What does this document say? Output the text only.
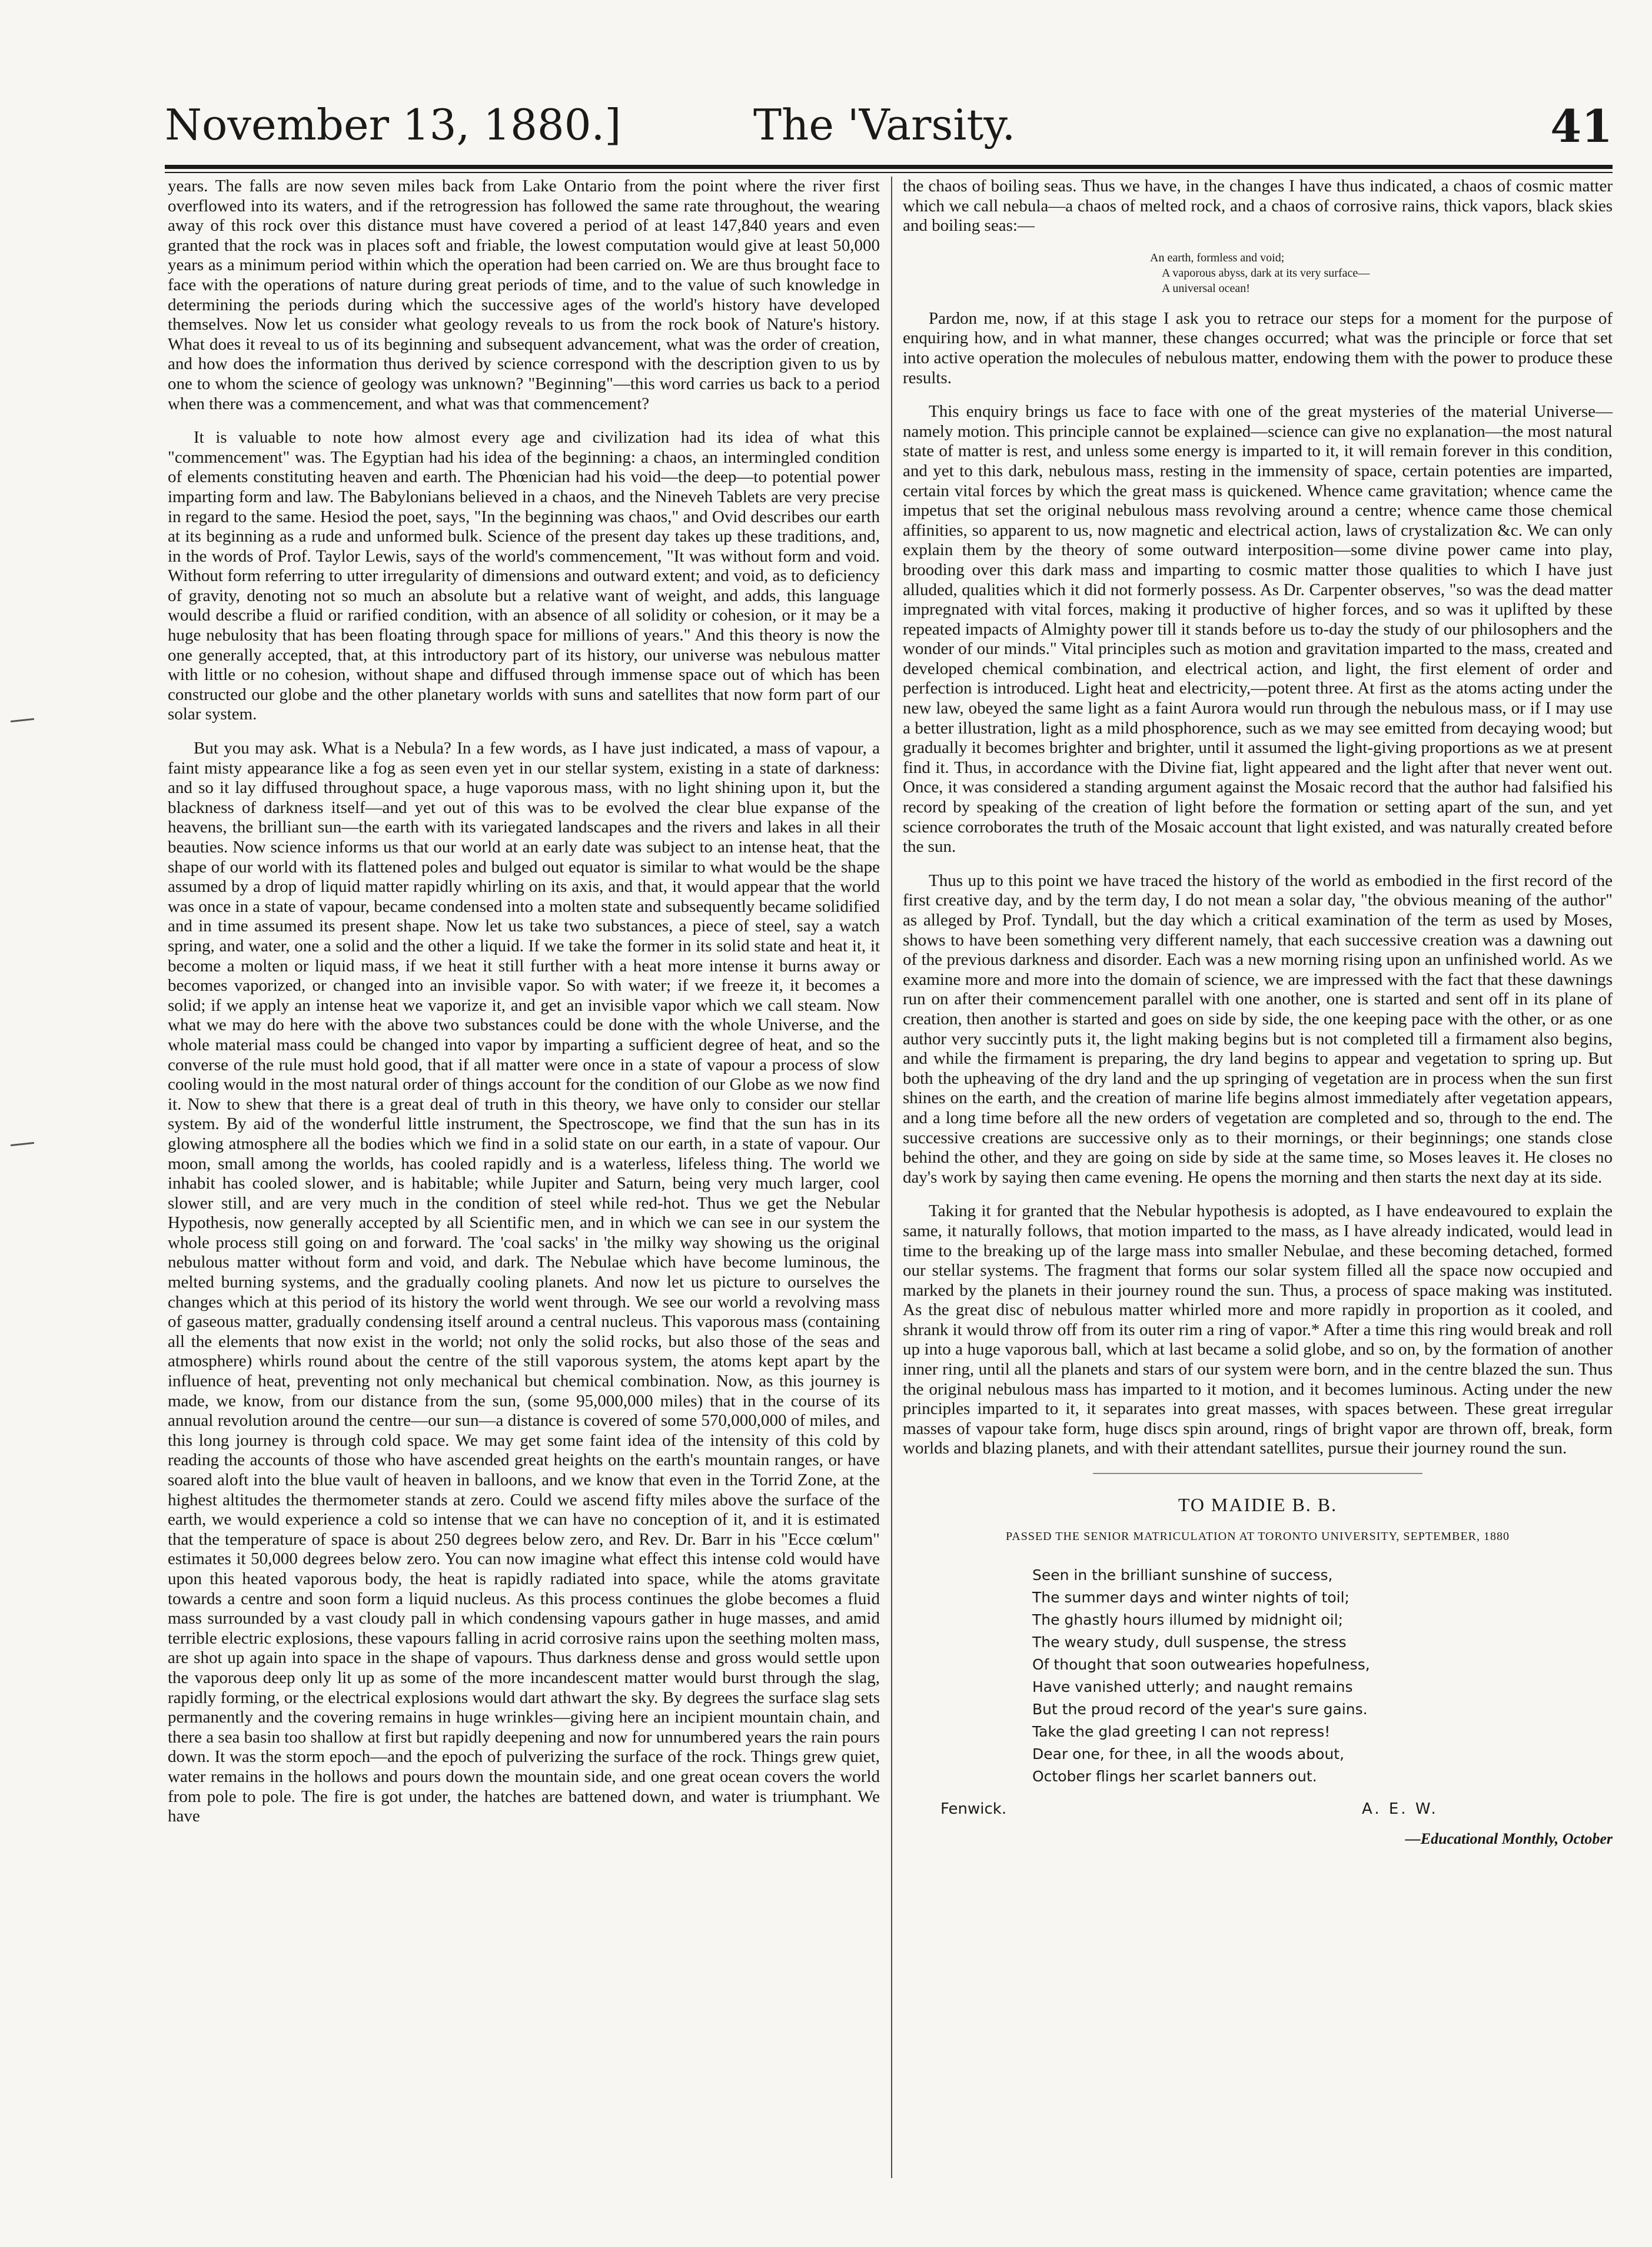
November 13, 1880.]	The 'Varsity.	41

years. The falls are now seven miles back from Lake Ontario from the point where the river first overflowed into its waters, and if the retrogression has followed the same rate throughout, the wearing away of this rock over this distance must have covered a period of at least 147,840 years and even granted that the rock was in places soft and friable, the lowest computation would give at least 50,000 years as a minimum period within which the operation had been carried on. We are thus brought face to face with the operations of nature during great periods of time, and to the value of such knowledge in determining the periods during which the successive ages of the world's history have developed themselves. Now let us consider what geology reveals to us from the rock book of Nature's history. What does it reveal to us of its beginning and subsequent advancement, what was the order of creation, and how does the information thus derived by science correspond with the description given to us by one to whom the science of geology was unknown? "Beginning"—this word carries us back to a period when there was a commencement, and what was that commencement?

It is valuable to note how almost every age and civilization had its idea of what this "commencement" was. The Egyptian had his idea of the beginning: a chaos, an intermingled condition of elements constituting heaven and earth. The Phœnician had his void—the deep—to potential power imparting form and law. The Babylonians believed in a chaos, and the Nineveh Tablets are very precise in regard to the same. Hesiod the poet, says, "In the beginning was chaos," and Ovid describes our earth at its beginning as a rude and unformed bulk. Science of the present day takes up these traditions, and, in the words of Prof. Taylor Lewis, says of the world's commencement, "It was without form and void. Without form referring to utter irregularity of dimensions and outward extent; and void, as to deficiency of gravity, denoting not so much an absolute but a relative want of weight, and adds, this language would describe a fluid or rarified condition, with an absence of all solidity or cohesion, or it may be a huge nebulosity that has been floating through space for millions of years." And this theory is now the one generally accepted, that, at this introductory part of its history, our universe was nebulous matter with little or no cohesion, without shape and diffused through immense space out of which has been constructed our globe and the other planetary worlds with suns and satellites that now form part of our solar system.

But you may ask. What is a Nebula? In a few words, as I have just indicated, a mass of vapour, a faint misty appearance like a fog as seen even yet in our stellar system, existing in a state of darkness: and so it lay diffused throughout space, a huge vaporous mass, with no light shining upon it, but the blackness of darkness itself—and yet out of this was to be evolved the clear blue expanse of the heavens, the brilliant sun—the earth with its variegated landscapes and the rivers and lakes in all their beauties. Now science informs us that our world at an early date was subject to an intense heat, that the shape of our world with its flattened poles and bulged out equator is similar to what would be the shape assumed by a drop of liquid matter rapidly whirling on its axis, and that, it would appear that the world was once in a state of vapour, became condensed into a molten state and subsequently became solidified and in time assumed its present shape. Now let us take two substances, a piece of steel, say a watch spring, and water, one a solid and the other a liquid. If we take the former in its solid state and heat it, it become a molten or liquid mass, if we heat it still further with a heat more intense it burns away or becomes vaporized, or changed into an invisible vapor. So with water; if we freeze it, it becomes a solid; if we apply an intense heat we vaporize it, and get an invisible vapor which we call steam. Now what we may do here with the above two substances could be done with the whole Universe, and the whole material mass could be changed into vapor by imparting a sufficient degree of heat, and so the converse of the rule must hold good, that if all matter were once in a state of vapour a process of slow cooling would in the most natural order of things account for the condition of our Globe as we now find it. Now to shew that there is a great deal of truth in this theory, we have only to consider our stellar system. By aid of the wonderful little instrument, the Spectroscope, we find that the sun has in its glowing atmosphere all the bodies which we find in a solid state on our earth, in a state of vapour. Our moon, small among the worlds, has cooled rapidly and is a waterless, lifeless thing. The world we inhabit has cooled slower, and is habitable; while Jupiter and Saturn, being very much larger, cool slower still, and are very much in the condition of steel while red-hot. Thus we get the Nebular Hypothesis, now generally accepted by all Scientific men, and in which we can see in our system the whole process still going on and forward. The 'coal sacks' in 'the milky way showing us the original nebulous matter without form and void, and dark. The Nebulae which have become luminous, the melted burning systems, and the gradually cooling planets. And now let us picture to ourselves the changes which at this period of its history the world went through. We see our world a revolving mass of gaseous matter, gradually condensing itself around a central nucleus. This vaporous mass (containing all the elements that now exist in the world; not only the solid rocks, but also those of the seas and atmosphere) whirls round about the centre of the still vaporous system, the atoms kept apart by the influence of heat, preventing not only mechanical but chemical combination. Now, as this journey is made, we know, from our distance from the sun, (some 95,000,000 miles) that in the course of its annual revolution around the centre—our sun—a distance is covered of some 570,000,000 of miles, and this long journey is through cold space. We may get some faint idea of the intensity of this cold by reading the accounts of those who have ascended great heights on the earth's mountain ranges, or have soared aloft into the blue vault of heaven in balloons, and we know that even in the Torrid Zone, at the highest altitudes the thermometer stands at zero. Could we ascend fifty miles above the surface of the earth, we would experience a cold so intense that we can have no conception of it, and it is estimated that the temperature of space is about 250 degrees below zero, and Rev. Dr. Barr in his "Ecce cœlum" estimates it 50,000 degrees below zero. You can now imagine what effect this intense cold would have upon this heated vaporous body, the heat is rapidly radiated into space, while the atoms gravitate towards a centre and soon form a liquid nucleus. As this process continues the globe becomes a fluid mass surrounded by a vast cloudy pall in which condensing vapours gather in huge masses, and amid terrible electric explosions, these vapours falling in acrid corrosive rains upon the seething molten mass, are shot up again into space in the shape of vapours. Thus darkness dense and gross would settle upon the vaporous deep only lit up as some of the more incandescent matter would burst through the slag, rapidly forming, or the electrical explosions would dart athwart the sky. By degrees the surface slag sets permanently and the covering remains in huge wrinkles—giving here an incipient mountain chain, and there a sea basin too shallow at first but rapidly deepening and now for unnumbered years the rain pours down. It was the storm epoch—and the epoch of pulverizing the surface of the rock. Things grew quiet, water remains in the hollows and pours down the mountain side, and one great ocean covers the world from pole to pole. The fire is got under, the hatches are battened down, and water is triumphant. We have

the chaos of boiling seas. Thus we have, in the changes I have thus indicated, a chaos of cosmic matter which we call nebula—a chaos of melted rock, and a chaos of corrosive rains, thick vapors, black skies and boiling seas:—

An earth, formless and void;
A vaporous abyss, dark at its very surface—
A universal ocean!

Pardon me, now, if at this stage I ask you to retrace our steps for a moment for the purpose of enquiring how, and in what manner, these changes occurred; what was the principle or force that set into active operation the molecules of nebulous matter, endowing them with the power to produce these results.

This enquiry brings us face to face with one of the great mysteries of the material Universe—namely motion. This principle cannot be explained—science can give no explanation—the most natural state of matter is rest, and unless some energy is imparted to it, it will remain forever in this condition, and yet to this dark, nebulous mass, resting in the immensity of space, certain potenties are imparted, certain vital forces by which the great mass is quickened. Whence came gravitation; whence came the impetus that set the original nebulous mass revolving around a centre; whence came those chemical affinities, so apparent to us, now magnetic and electrical action, laws of crystalization &c. We can only explain them by the theory of some outward interposition—some divine power came into play, brooding over this dark mass and imparting to cosmic matter those qualities to which I have just alluded, qualities which it did not formerly possess. As Dr. Carpenter observes, "so was the dead matter impregnated with vital forces, making it productive of higher forces, and so was it uplifted by these repeated impacts of Almighty power till it stands before us to-day the study of our philosophers and the wonder of our minds." Vital principles such as motion and gravitation imparted to the mass, created and developed chemical combination, and electrical action, and light, the first element of order and perfection is introduced. Light heat and electricity,—potent three. At first as the atoms acting under the new law, obeyed the same light as a faint Aurora would run through the nebulous mass, or if I may use a better illustration, light as a mild phosphorence, such as we may see emitted from decaying wood; but gradually it becomes brighter and brighter, until it assumed the light-giving proportions as we at present find it. Thus, in accordance with the Divine fiat, light appeared and the light after that never went out. Once, it was considered a standing argument against the Mosaic record that the author had falsified his record by speaking of the creation of light before the formation or setting apart of the sun, and yet science corroborates the truth of the Mosaic account that light existed, and was naturally created before the sun.

Thus up to this point we have traced the history of the world as embodied in the first record of the first creative day, and by the term day, I do not mean a solar day, "the obvious meaning of the author" as alleged by Prof. Tyndall, but the day which a critical examination of the term as used by Moses, shows to have been something very different namely, that each successive creation was a dawning out of the previous darkness and disorder. Each was a new morning rising upon an unfinished world. As we examine more and more into the domain of science, we are impressed with the fact that these dawnings run on after their commencement parallel with one another, one is started and sent off in its plane of creation, then another is started and goes on side by side, the one keeping pace with the other, or as one author very succintly puts it, the light making begins but is not completed till a firmament also begins, and while the firmament is preparing, the dry land begins to appear and vegetation to spring up. But both the upheaving of the dry land and the up springing of vegetation are in process when the sun first shines on the earth, and the creation of marine life begins almost immediately after vegetation appears, and a long time before all the new orders of vegetation are completed and so, through to the end. The successive creations are successive only as to their mornings, or their beginnings; one stands close behind the other, and they are going on side by side at the same time, so Moses leaves it. He closes no day's work by saying then came evening. He opens the morning and then starts the next day at its side.

Taking it for granted that the Nebular hypothesis is adopted, as I have endeavoured to explain the same, it naturally follows, that motion imparted to the mass, as I have already indicated, would lead in time to the breaking up of the large mass into smaller Nebulae, and these becoming detached, formed our stellar systems. The fragment that forms our solar system filled all the space now occupied and marked by the planets in their journey round the sun. Thus, a process of space making was instituted. As the great disc of nebulous matter whirled more and more rapidly in proportion as it cooled, and shrank it would throw off from its outer rim a ring of vapor.* After a time this ring would break and roll up into a huge vaporous ball, which at last became a solid globe, and so on, by the formation of another inner ring, until all the planets and stars of our system were born, and in the centre blazed the sun. Thus the original nebulous mass has imparted to it motion, and it becomes luminous. Acting under the new principles imparted to it, it separates into great masses, with spaces between. These great irregular masses of vapour take form, huge discs spin around, rings of bright vapor are thrown off, break, form worlds and blazing planets, and with their attendant satellites, pursue their journey round the sun.

TO MAIDIE B. B.
PASSED THE SENIOR MATRICULATION AT TORONTO UNIVERSITY, SEPTEMBER, 1880
Seen in the brilliant sunshine of success,
The summer days and winter nights of toil;
The ghastly hours illumed by midnight oil;
The weary study, dull suspense, the stress
Of thought that soon outwearies hopefulness,
Have vanished utterly; and naught remains
But the proud record of the year's sure gains.
Take the glad greeting I can not repress!
Dear one, for thee, in all the woods about,
October flings her scarlet banners out.
Fenwick.	A. E. W.
—Educational Monthly, October
